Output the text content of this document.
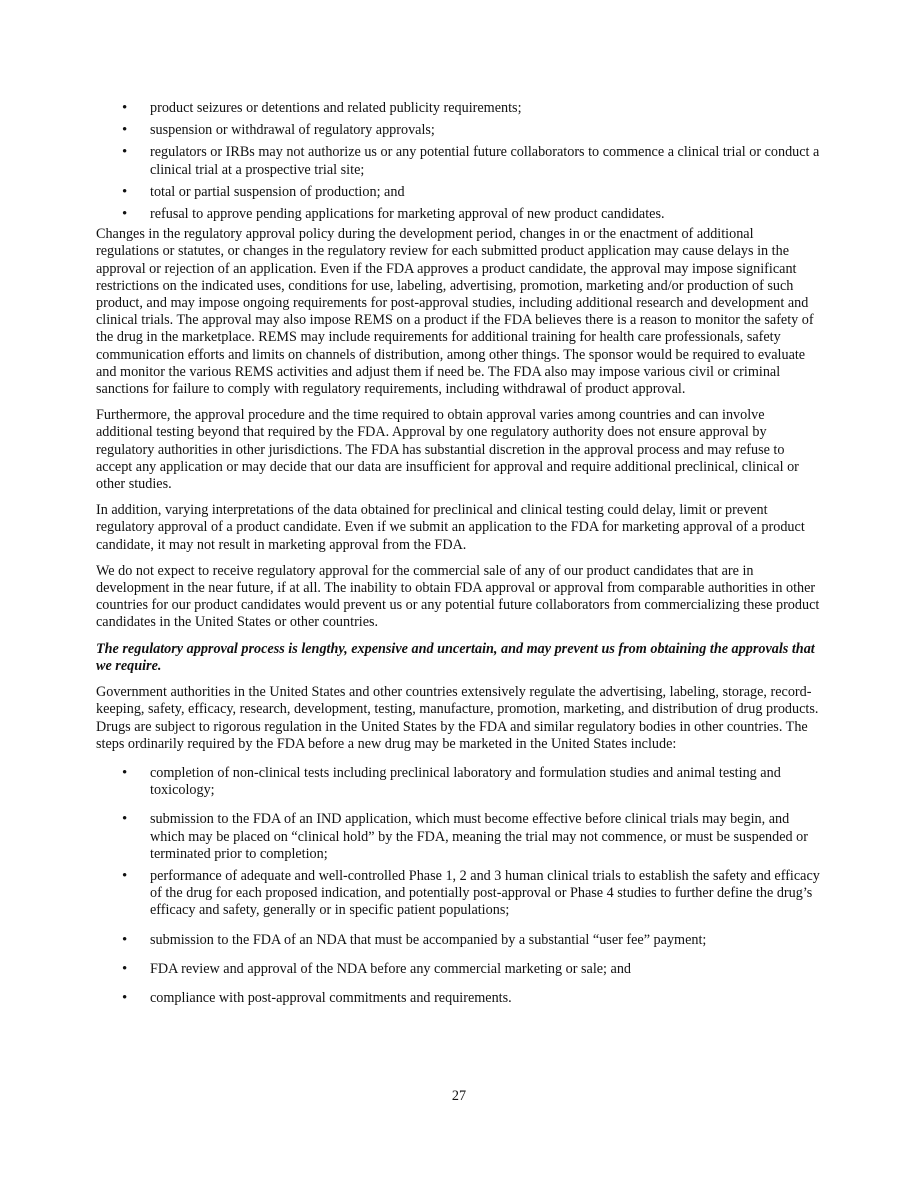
• product seizures or detentions and related publicity requirements;
• suspension or withdrawal of regulatory approvals;
• regulators or IRBs may not authorize us or any potential future collaborators to commence a clinical trial or conduct a clinical trial at a prospective trial site;
• total or partial suspension of production; and
• refusal to approve pending applications for marketing approval of new product candidates.

Changes in the regulatory approval policy during the development period, changes in or the enactment of additional regulations or statutes, or changes in the regulatory review for each submitted product application may cause delays in the approval or rejection of an application. Even if the FDA approves a product candidate, the approval may impose significant restrictions on the indicated uses, conditions for use, labeling, advertising, promotion, marketing and/or production of such product, and may impose ongoing requirements for post-approval studies, including additional research and development and clinical trials. The approval may also impose REMS on a product if the FDA believes there is a reason to monitor the safety of the drug in the marketplace. REMS may include requirements for additional training for health care professionals, safety communication efforts and limits on channels of distribution, among other things. The sponsor would be required to evaluate and monitor the various REMS activities and adjust them if need be. The FDA also may impose various civil or criminal sanctions for failure to comply with regulatory requirements, including withdrawal of product approval.

Furthermore, the approval procedure and the time required to obtain approval varies among countries and can involve additional testing beyond that required by the FDA. Approval by one regulatory authority does not ensure approval by regulatory authorities in other jurisdictions. The FDA has substantial discretion in the approval process and may refuse to accept any application or may decide that our data are insufficient for approval and require additional preclinical, clinical or other studies.

In addition, varying interpretations of the data obtained for preclinical and clinical testing could delay, limit or prevent regulatory approval of a product candidate. Even if we submit an application to the FDA for marketing approval of a product candidate, it may not result in marketing approval from the FDA.

We do not expect to receive regulatory approval for the commercial sale of any of our product candidates that are in development in the near future, if at all. The inability to obtain FDA approval or approval from comparable authorities in other countries for our product candidates would prevent us or any potential future collaborators from commercializing these product candidates in the United States or other countries.

The regulatory approval process is lengthy, expensive and uncertain, and may prevent us from obtaining the approvals that we require.

Government authorities in the United States and other countries extensively regulate the advertising, labeling, storage, record-keeping, safety, efficacy, research, development, testing, manufacture, promotion, marketing, and distribution of drug products. Drugs are subject to rigorous regulation in the United States by the FDA and similar regulatory bodies in other countries. The steps ordinarily required by the FDA before a new drug may be marketed in the United States include:

• completion of non-clinical tests including preclinical laboratory and formulation studies and animal testing and toxicology;
• submission to the FDA of an IND application, which must become effective before clinical trials may begin, and which may be placed on “clinical hold” by the FDA, meaning the trial may not commence, or must be suspended or terminated prior to completion;
• performance of adequate and well-controlled Phase 1, 2 and 3 human clinical trials to establish the safety and efficacy of the drug for each proposed indication, and potentially post-approval or Phase 4 studies to further define the drug’s efficacy and safety, generally or in specific patient populations;
• submission to the FDA of an NDA that must be accompanied by a substantial “user fee” payment;
• FDA review and approval of the NDA before any commercial marketing or sale; and
• compliance with post-approval commitments and requirements.
27
